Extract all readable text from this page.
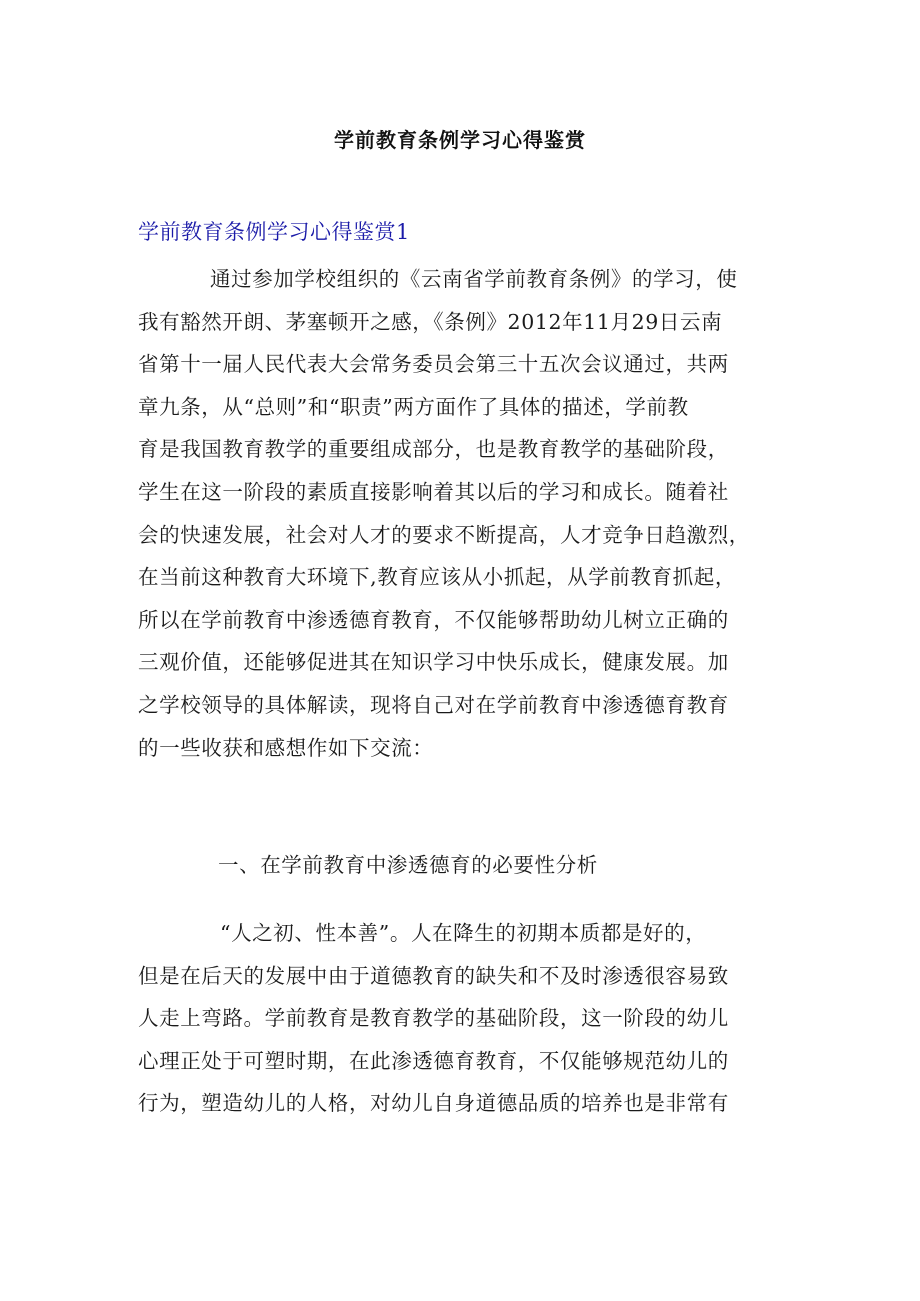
学前教育条例学习心得鉴赏
学前教育条例学习心得鉴赏1
通过参加学校组织的《云南省学前教育条例》的学习，使
我有豁然开朗、茅塞顿开之感，《条例》2012年11月29日云南
省第十一届人民代表大会常务委员会第三十五次会议通过，共两
章九条，从“总则”和“职责”两方面作了具体的描述，学前教
育是我国教育教学的重要组成部分，也是教育教学的基础阶段，
学生在这一阶段的素质直接影响着其以后的学习和成长。随着社
会的快速发展，社会对人才的要求不断提高，人才竞争日趋激烈，
在当前这种教育大环境下,教育应该从小抓起，从学前教育抓起，
所以在学前教育中渗透德育教育，不仅能够帮助幼儿树立正确的
三观价值，还能够促进其在知识学习中快乐成长，健康发展。加
之学校领导的具体解读，现将自己对在学前教育中渗透德育教育
的一些收获和感想作如下交流：
一、在学前教育中渗透德育的必要性分析
“人之初、性本善”。人在降生的初期本质都是好的，
但是在后天的发展中由于道德教育的缺失和不及时渗透很容易致
人走上弯路。学前教育是教育教学的基础阶段，这一阶段的幼儿
心理正处于可塑时期，在此渗透德育教育，不仅能够规范幼儿的
行为，塑造幼儿的人格，对幼儿自身道德品质的培养也是非常有
